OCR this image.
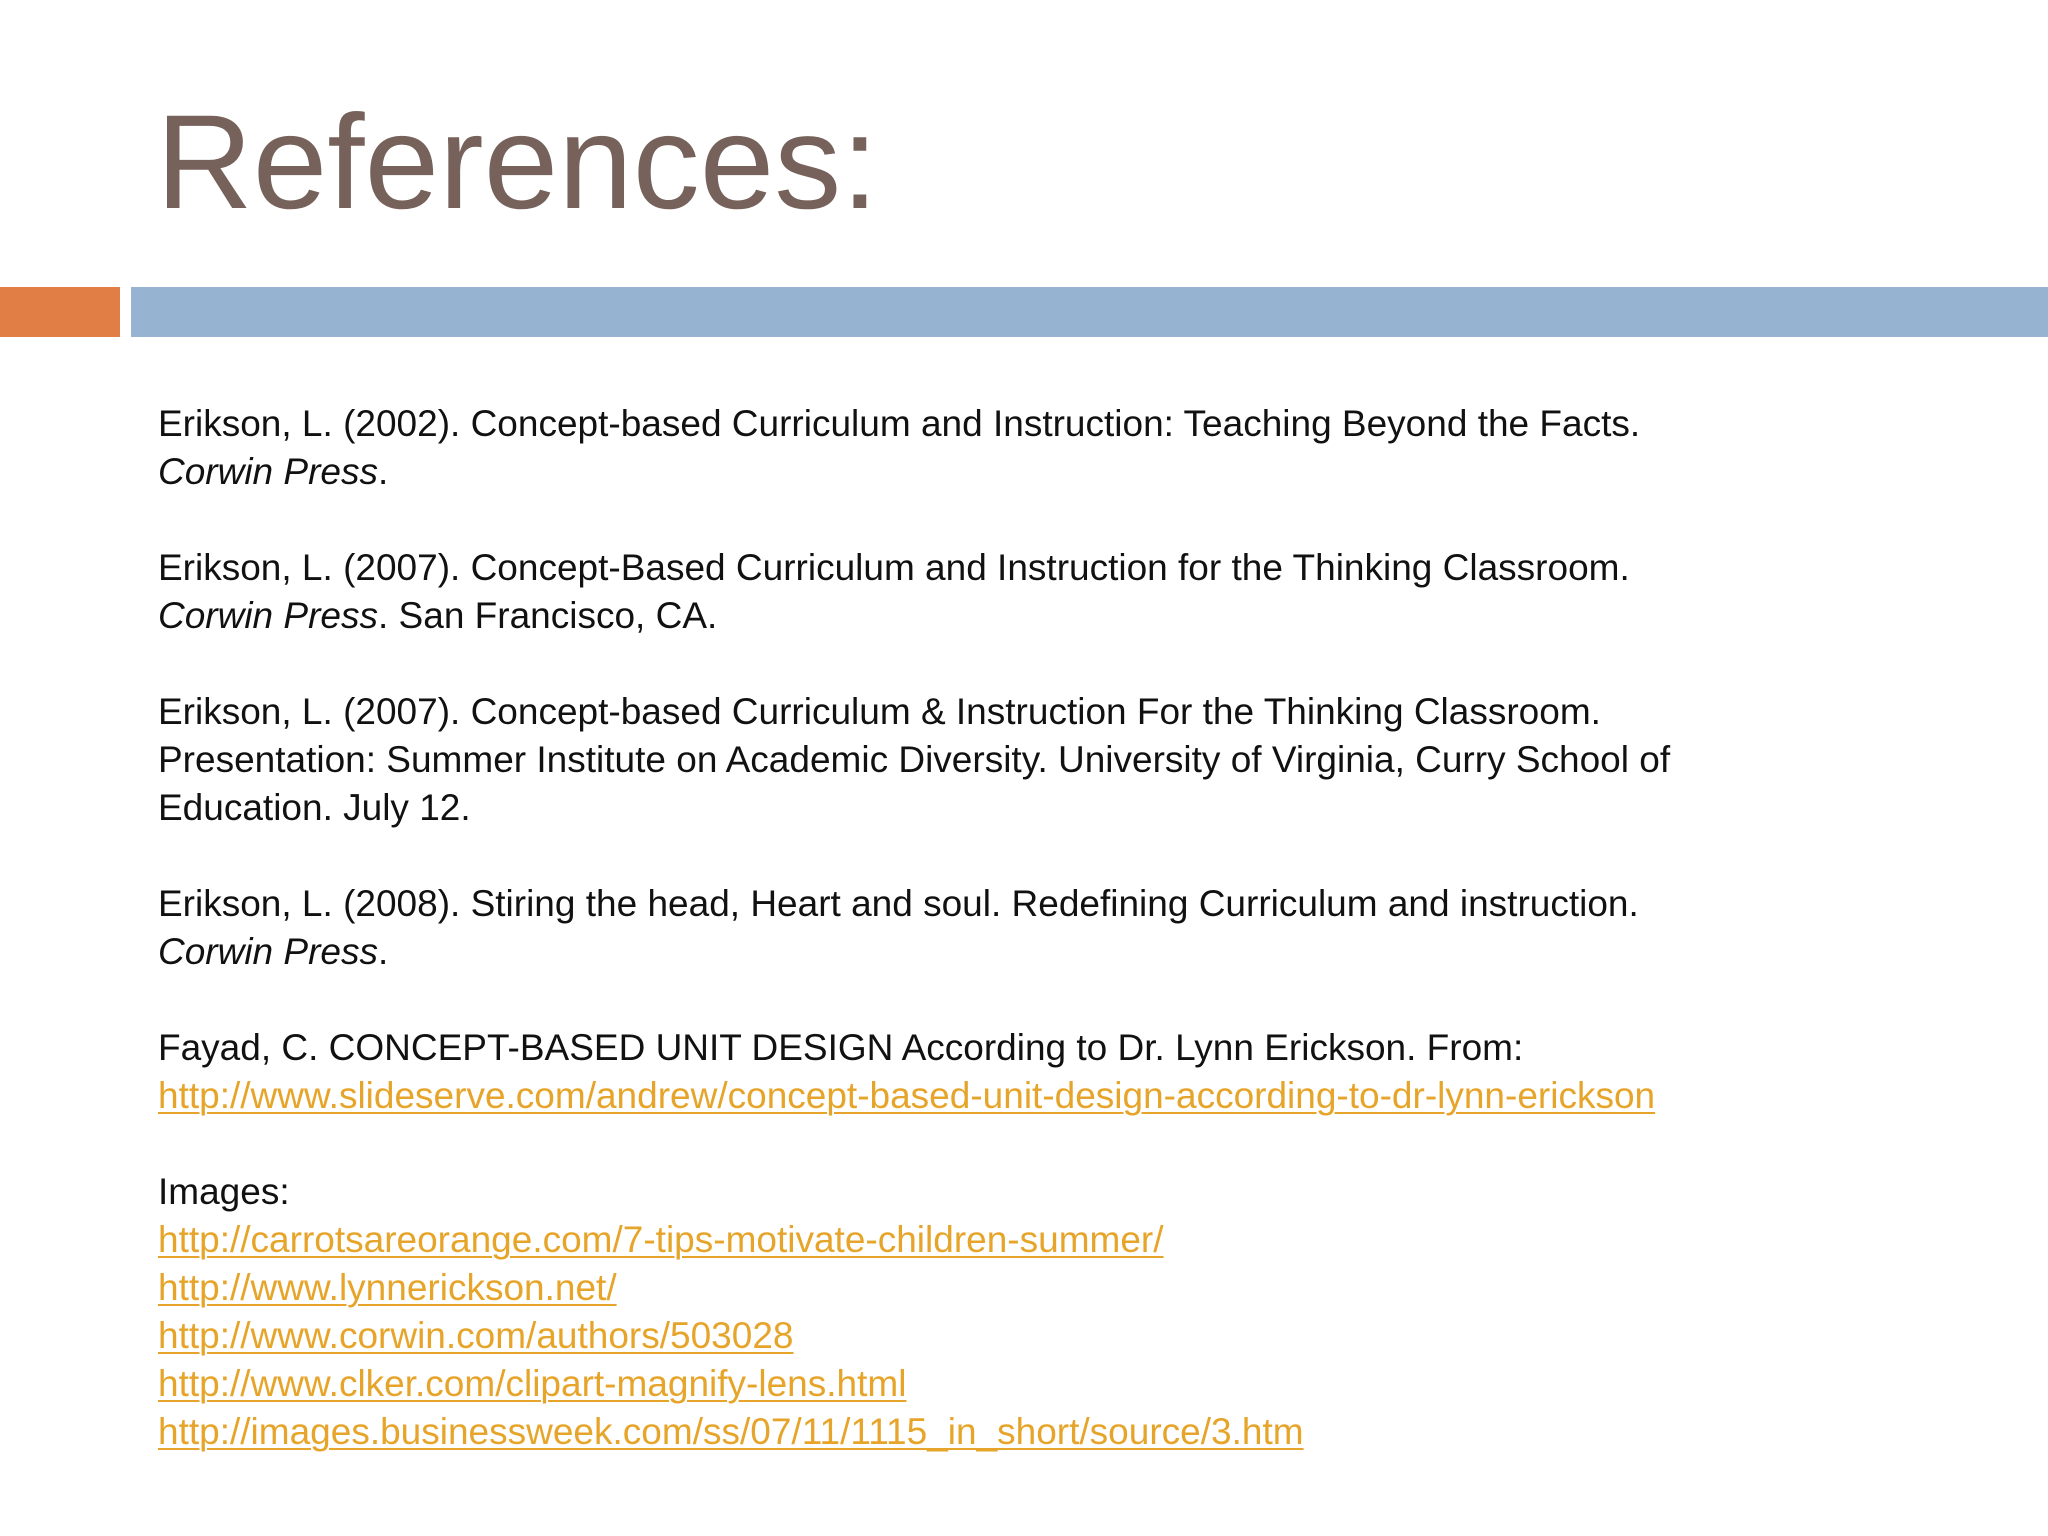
References:
Erikson, L. (2002). Concept-based Curriculum and Instruction: Teaching Beyond the Facts.
Corwin Press.
Erikson, L. (2007). Concept-Based Curriculum and Instruction for the Thinking Classroom.
Corwin Press. San Francisco, CA.
Erikson, L. (2007). Concept-based Curriculum & Instruction For the Thinking Classroom.
Presentation: Summer Institute on Academic Diversity. University of Virginia, Curry School of
Education. July 12.
Erikson, L. (2008). Stiring the head, Heart and soul. Redefining Curriculum and instruction.
Corwin Press.
Fayad, C. CONCEPT-BASED UNIT DESIGN According to Dr. Lynn Erickson. From:
http://www.slideserve.com/andrew/concept-based-unit-design-according-to-dr-lynn-erickson
Images:
http://carrotsareorange.com/7-tips-motivate-children-summer/
http://www.lynnerickson.net/
http://www.corwin.com/authors/503028
http://www.clker.com/clipart-magnify-lens.html
http://images.businessweek.com/ss/07/11/1115_in_short/source/3.htm
